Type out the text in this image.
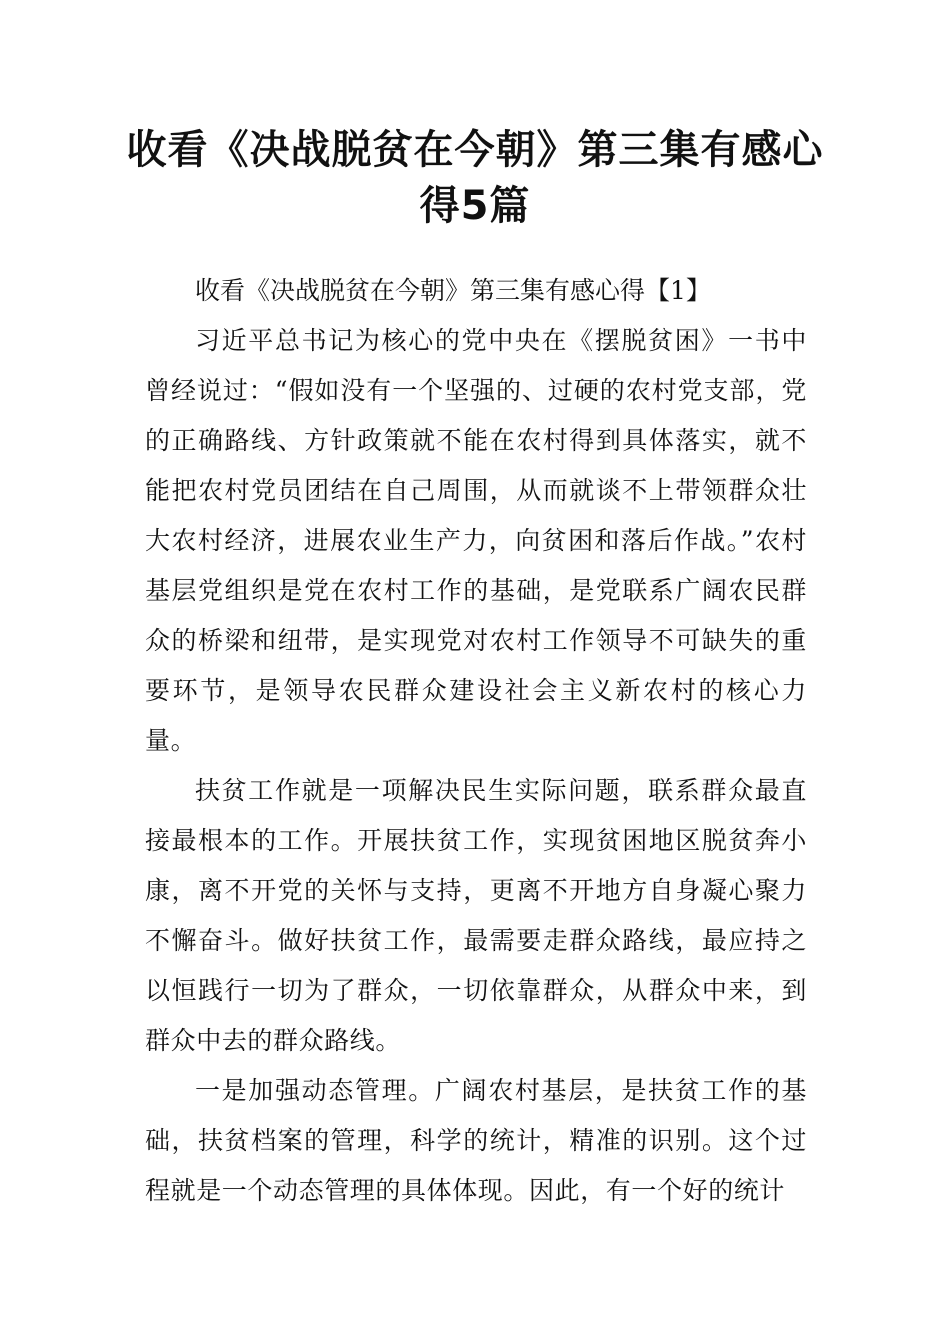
收看《决战脱贫在今朝》第三集有感心得5篇

收看《决战脱贫在今朝》第三集有感心得【1】

习近平总书记为核心的党中央在《摆脱贫困》一书中曾经说过：“假如没有一个坚强的、过硬的农村党支部，党的正确路线、方针政策就不能在农村得到具体落实，就不能把农村党员团结在自己周围，从而就谈不上带领群众壮大农村经济，进展农业生产力，向贫困和落后作战。”农村基层党组织是党在农村工作的基础，是党联系广阔农民群众的桥梁和纽带，是实现党对农村工作领导不可缺失的重要环节，是领导农民群众建设社会主义新农村的核心力量。

扶贫工作就是一项解决民生实际问题，联系群众最直接最根本的工作。开展扶贫工作，实现贫困地区脱贫奔小康，离不开党的关怀与支持，更离不开地方自身凝心聚力不懈奋斗。做好扶贫工作，最需要走群众路线，最应持之以恒践行一切为了群众，一切依靠群众，从群众中来，到群众中去的群众路线。

一是加强动态管理。广阔农村基层，是扶贫工作的基础，扶贫档案的管理，科学的统计，精准的识别。这个过程就是一个动态管理的具体体现。因此，有一个好的统计
